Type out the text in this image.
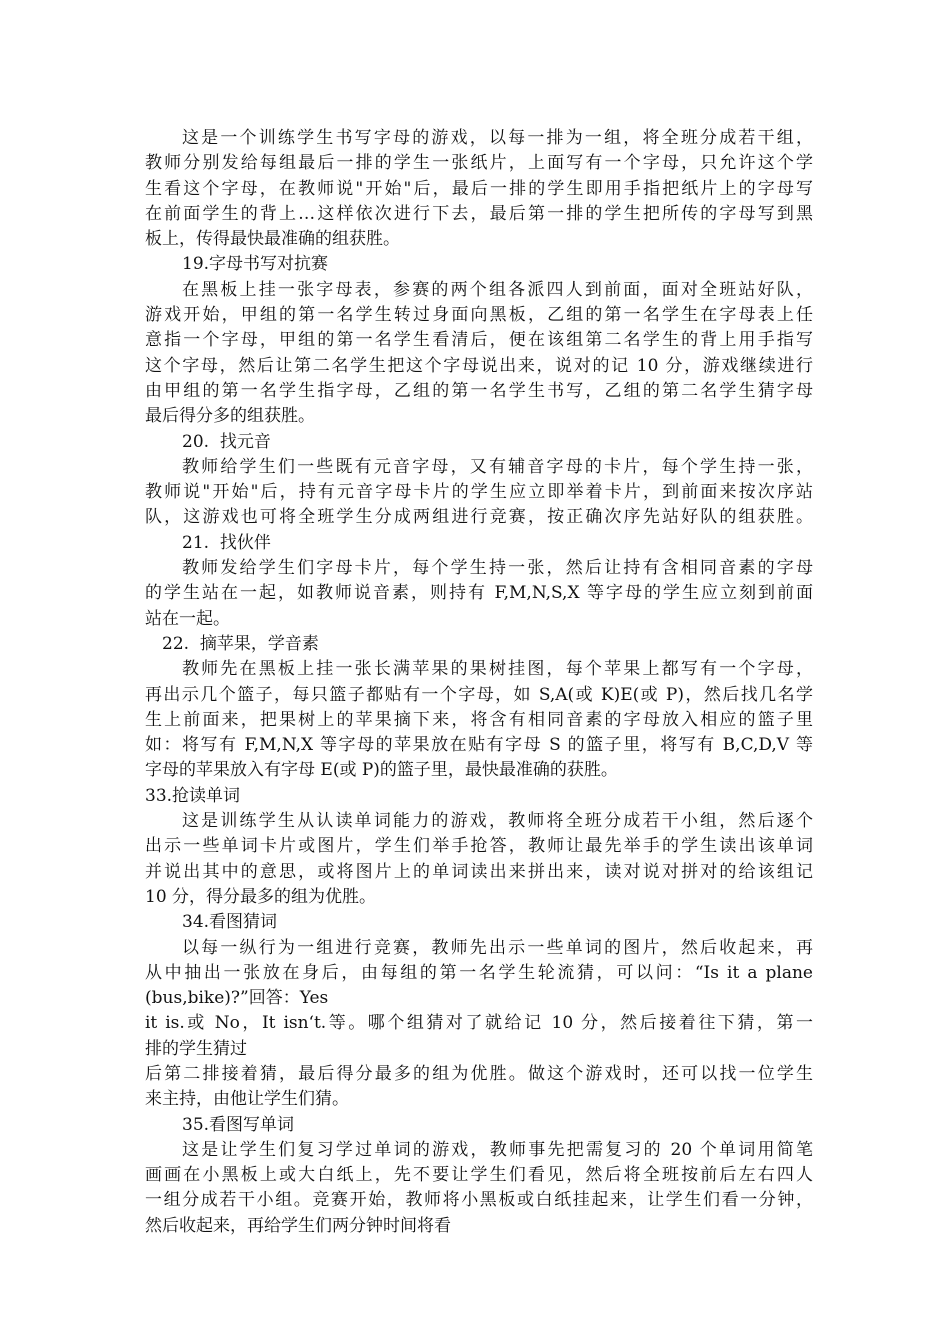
这是一个训练学生书写字母的游戏，以每一排为一组，将全班分成若干组，
教师分别发给每组最后一排的学生一张纸片，上面写有一个字母，只允许这个学
生看这个字母，在教师说"开始"后，最后一排的学生即用手指把纸片上的字母写
在前面学生的背上…这样依次进行下去，最后第一排的学生把所传的字母写到黑
板上，传得最快最准确的组获胜。
19.字母书写对抗赛
在黑板上挂一张字母表，参赛的两个组各派四人到前面，面对全班站好队，
游戏开始，甲组的第一名学生转过身面向黑板，乙组的第一名学生在字母表上任
意指一个字母，甲组的第一名学生看清后，便在该组第二名学生的背上用手指写
这个字母，然后让第二名学生把这个字母说出来，说对的记 10 分，游戏继续进行
由甲组的第一名学生指字母，乙组的第一名学生书写，乙组的第二名学生猜字母
最后得分多的组获胜。
20.  找元音
教师给学生们一些既有元音字母，又有辅音字母的卡片，每个学生持一张，
教师说"开始"后，持有元音字母卡片的学生应立即举着卡片，到前面来按次序站
队，这游戏也可将全班学生分成两组进行竞赛，按正确次序先站好队的组获胜。
21.  找伙伴
教师发给学生们字母卡片，每个学生持一张，然后让持有含相同音素的字母
的学生站在一起，如教师说音素，则持有 F,M,N,S,X 等字母的学生应立刻到前面
站在一起。
22.  摘苹果，学音素
教师先在黑板上挂一张长满苹果的果树挂图，每个苹果上都写有一个字母，
再出示几个篮子，每只篮子都贴有一个字母，如 S,A(或 K)E(或 P)，然后找几名学
生上前面来，把果树上的苹果摘下来，将含有相同音素的字母放入相应的篮子里
如：将写有 F,M,N,X 等字母的苹果放在贴有字母 S 的篮子里，将写有 B,C,D,V 等
字母的苹果放入有字母 E(或 P)的篮子里，最快最准确的获胜。
33.抢读单词
这是训练学生从认读单词能力的游戏，教师将全班分成若干小组，然后逐个
出示一些单词卡片或图片，学生们举手抢答，教师让最先举手的学生读出该单词
并说出其中的意思，或将图片上的单词读出来拼出来，读对说对拼对的给该组记
10 分，得分最多的组为优胜。
34.看图猜词
以每一纵行为一组进行竞赛，教师先出示一些单词的图片，然后收起来，再
从中抽出一张放在身后，由每组的第一名学生轮流猜，可以问：“Is it a plane
(bus,bike)?”回答：Yes
it is.或 No，It isn‘t.等。哪个组猜对了就给记 10 分，然后接着往下猜，第一
排的学生猜过
后第二排接着猜，最后得分最多的组为优胜。做这个游戏时，还可以找一位学生
来主持，由他让学生们猜。
35.看图写单词
这是让学生们复习学过单词的游戏，教师事先把需复习的 20 个单词用简笔
画画在小黑板上或大白纸上，先不要让学生们看见，然后将全班按前后左右四人
一组分成若干小组。竞赛开始，教师将小黑板或白纸挂起来，让学生们看一分钟，
然后收起来，再给学生们两分钟时间将看
